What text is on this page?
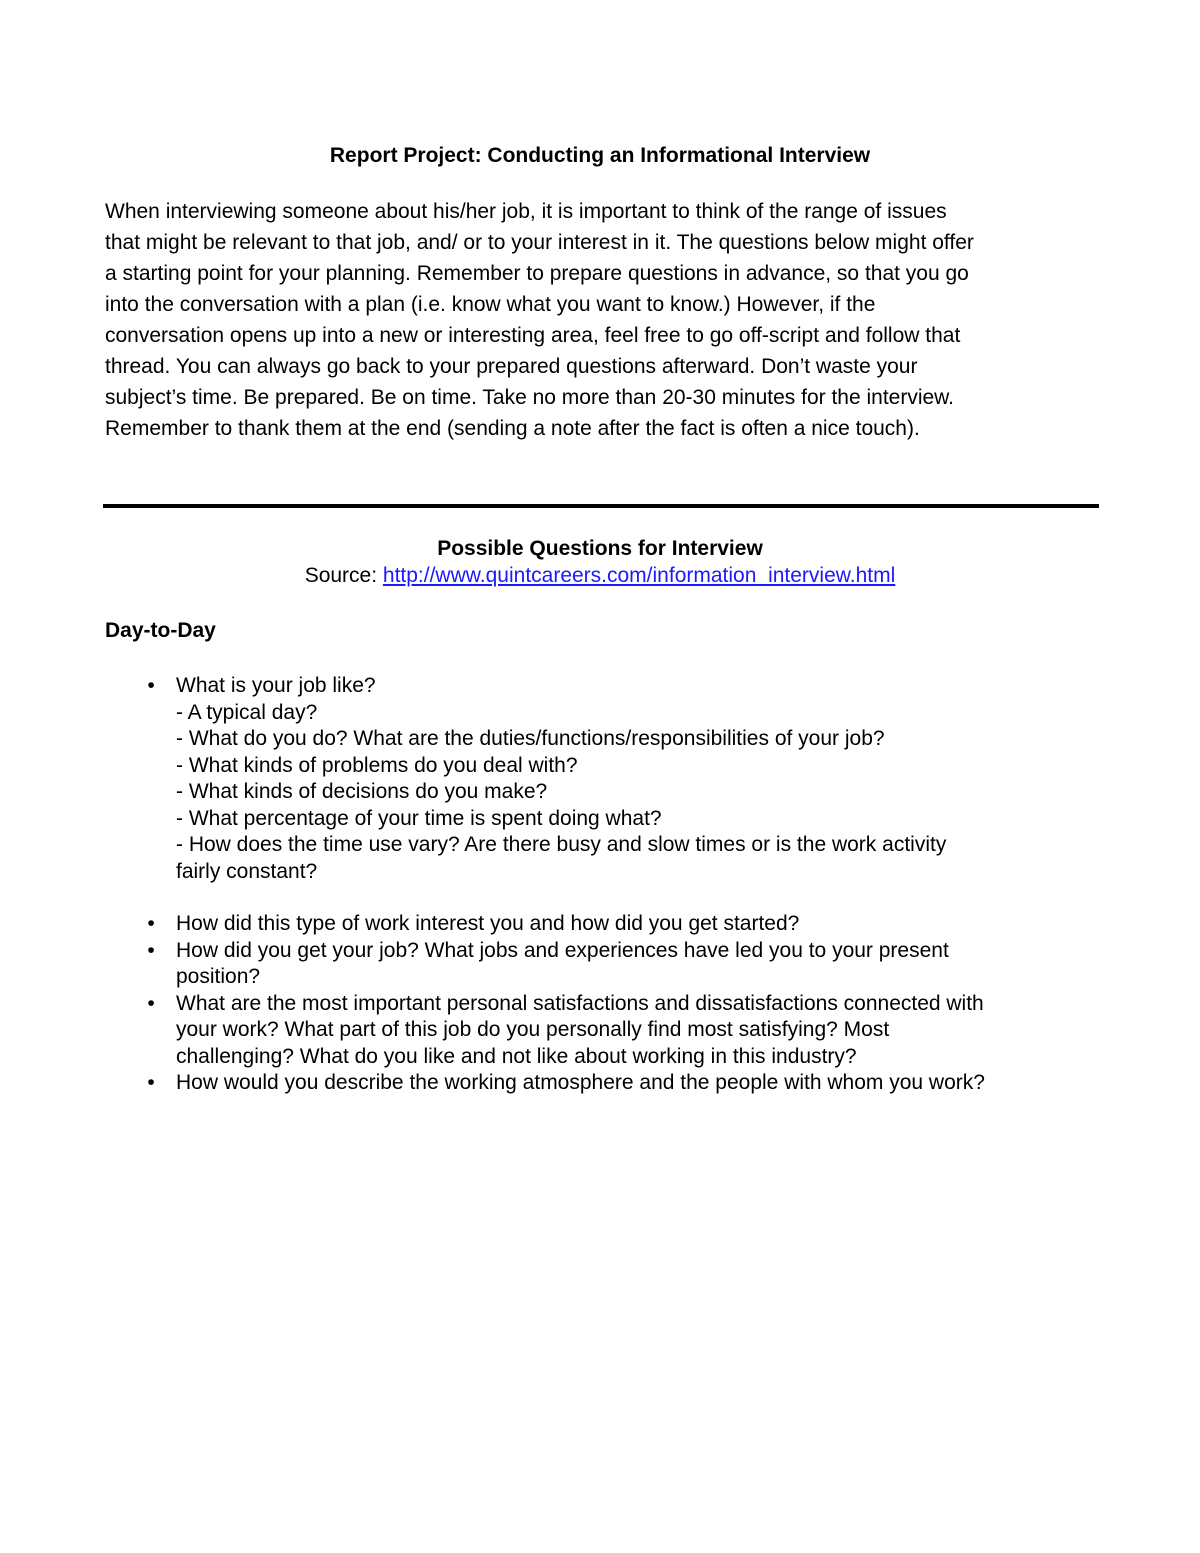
Report Project: Conducting an Informational Interview

When interviewing someone about his/her job, it is important to think of the range of issues

that might be relevant to that job, and/ or to your interest in it. The questions below might offer

a starting point for your planning. Remember to prepare questions in advance, so that you go

into the conversation with a plan (i.e. know what you want to know.) However, if the

conversation opens up into a new or interesting area, feel free to go off-script and follow that

thread. You can always go back to your prepared questions afterward. Don’t waste your

subject’s time. Be prepared. Be on time. Take no more than 20-30 minutes for the interview.

Remember to thank them at the end (sending a note after the fact is often a nice touch).

Possible Questions for Interview
Source: http://www.quintcareers.com/information_interview.html
Day-to-Day
•	What is your job like?
- A typical day?
- What do you do? What are the duties/functions/responsibilities of your job?
- What kinds of problems do you deal with?
- What kinds of decisions do you make?
- What percentage of your time is spent doing what?
- How does the time use vary? Are there busy and slow times or is the work activity
fairly constant?
•	How did this type of work interest you and how did you get started?
•	How did you get your job? What jobs and experiences have led you to your present
position?
•	What are the most important personal satisfactions and dissatisfactions connected with
your work? What part of this job do you personally find most satisfying? Most
challenging? What do you like and not like about working in this industry?
•	How would you describe the working atmosphere and the people with whom you work?
